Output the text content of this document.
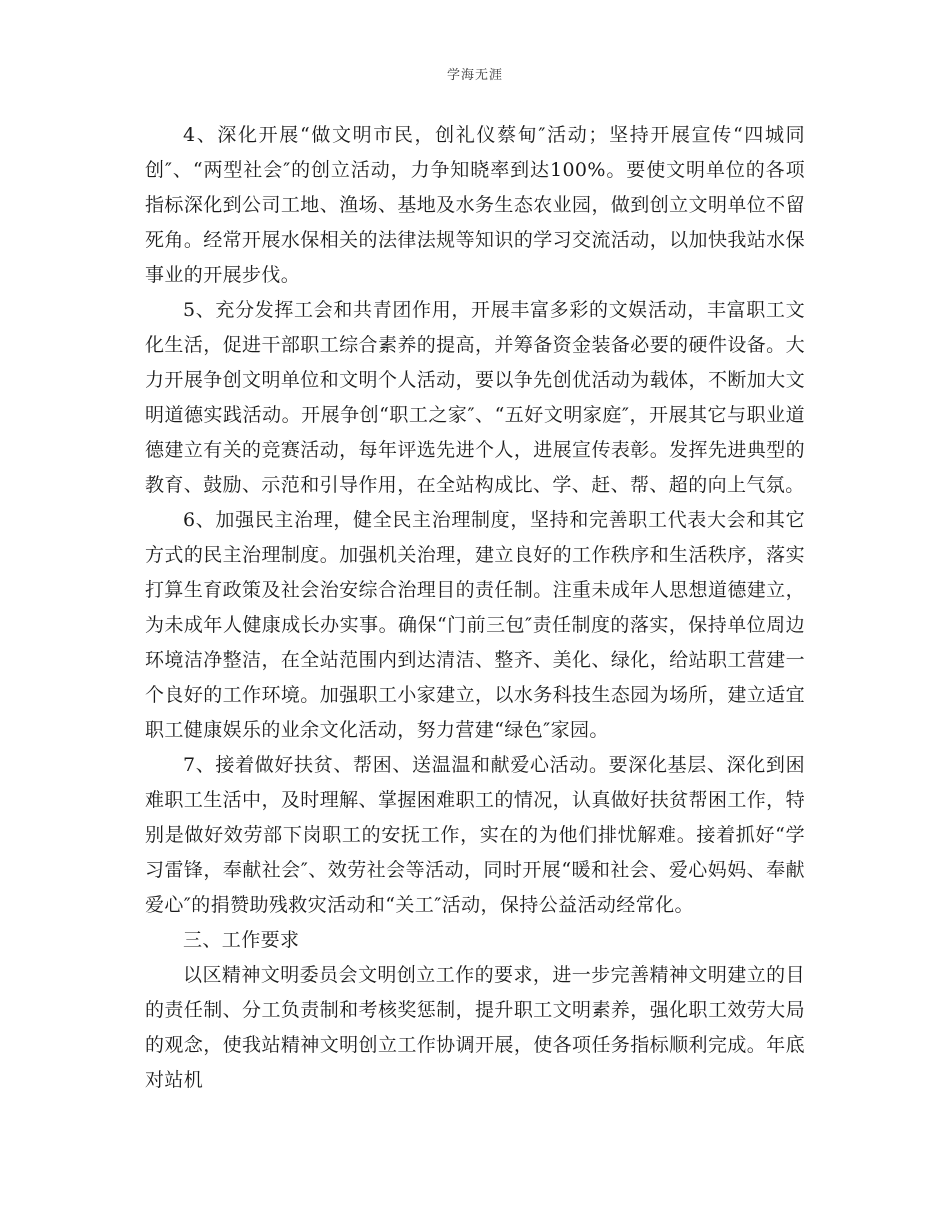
学海无涯

4、深化开展“做文明市民，创礼仪蔡甸″活动；坚持开展宣传“四城同创″、“两型社会″的创立活动，力争知晓率到达100%。要使文明单位的各项指标深化到公司工地、渔场、基地及水务生态农业园，做到创立文明单位不留死角。经常开展水保相关的法律法规等知识的学习交流活动，以加快我站水保事业的开展步伐。

5、充分发挥工会和共青团作用，开展丰富多彩的文娱活动，丰富职工文化生活，促进干部职工综合素养的提高，并筹备资金装备必要的硬件设备。大力开展争创文明单位和文明个人活动，要以争先创优活动为载体，不断加大文明道德实践活动。开展争创“职工之家″、“五好文明家庭″，开展其它与职业道德建立有关的竞赛活动，每年评选先进个人，进展宣传表彰。发挥先进典型的教育、鼓励、示范和引导作用，在全站构成比、学、赶、帮、超的向上气氛。

6、加强民主治理，健全民主治理制度，坚持和完善职工代表大会和其它方式的民主治理制度。加强机关治理，建立良好的工作秩序和生活秩序，落实打算生育政策及社会治安综合治理目的责任制。注重未成年人思想道德建立，为未成年人健康成长办实事。确保“门前三包″责任制度的落实，保持单位周边环境洁净整洁，在全站范围内到达清洁、整齐、美化、绿化，给站职工营建一个良好的工作环境。加强职工小家建立，以水务科技生态园为场所，建立适宜职工健康娱乐的业余文化活动，努力营建“绿色″家园。

7、接着做好扶贫、帮困、送温温和献爱心活动。要深化基层、深化到困难职工生活中，及时理解、掌握困难职工的情况，认真做好扶贫帮困工作，特别是做好效劳部下岗职工的安抚工作，实在的为他们排忧解难。接着抓好“学习雷锋，奉献社会″、效劳社会等活动，同时开展“暖和社会、爱心妈妈、奉献爱心″的捐赞助残救灾活动和“关工″活动，保持公益活动经常化。

三、工作要求

以区精神文明委员会文明创立工作的要求，进一步完善精神文明建立的目的责任制、分工负责制和考核奖惩制，提升职工文明素养，强化职工效劳大局的观念，使我站精神文明创立工作协调开展，使各项任务指标顺利完成。年底对站机
